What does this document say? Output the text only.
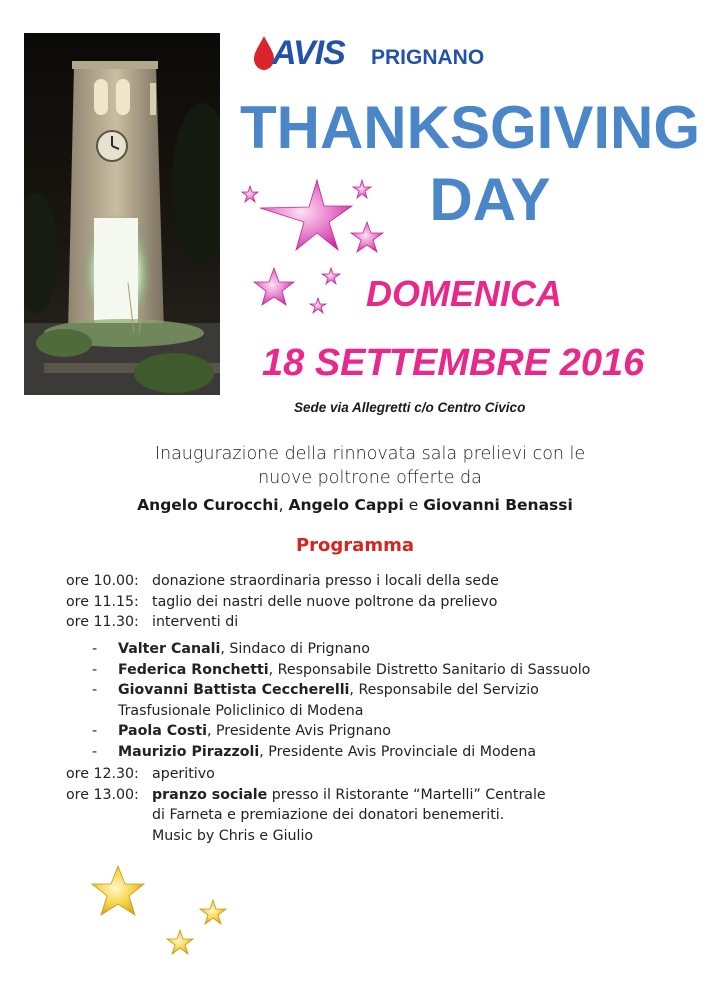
AVIS PRIGNANO
THANKSGIVING
DAY

DOMENICA

18 SETTEMBRE 2016

Sede via Allegretti c/o Centro Civico

Inaugurazione della rinnovata sala prelievi con le
nuove poltrone offerte da

Angelo Curocchi, Angelo Cappi e Giovanni Benassi

Programma

ore 10.00: donazione straordinaria presso i locali della sede
ore 11.15: taglio dei nastri delle nuove poltrone da prelievo
ore 11.30: interventi di
- Valter Canali, Sindaco di Prignano
- Federica Ronchetti, Responsabile Distretto Sanitario di Sassuolo
- Giovanni Battista Ceccherelli, Responsabile del Servizio
Trasfusionale Policlinico di Modena
- Paola Costi, Presidente Avis Prignano
- Maurizio Pirazzoli, Presidente Avis Provinciale di Modena
ore 12.30: aperitivo
ore 13.00: pranzo sociale presso il Ristorante “Martelli” Centrale
di Farneta e premiazione dei donatori benemeriti.
Music by Chris e Giulio
